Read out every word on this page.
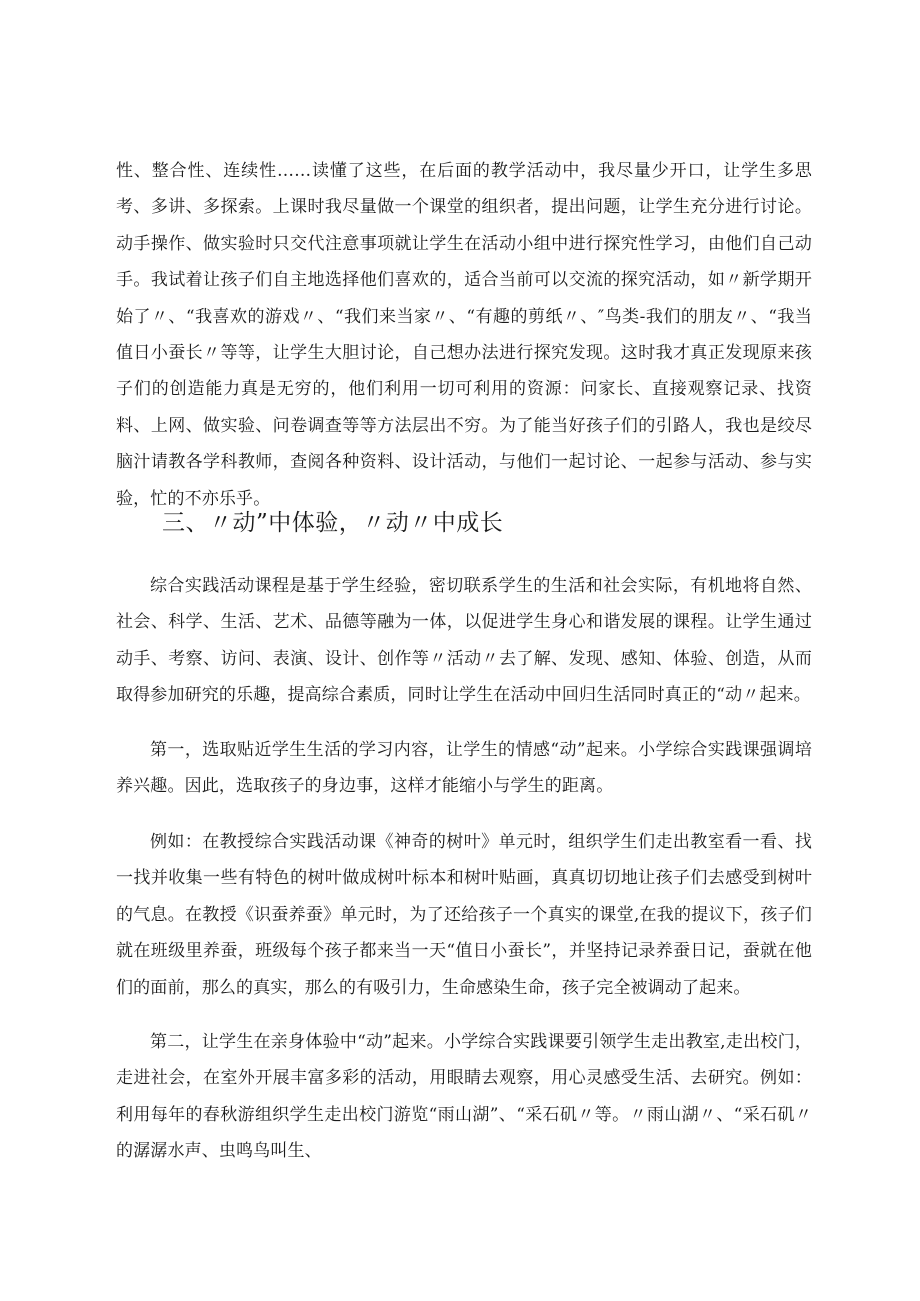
性、整合性、连续性……读懂了这些，在后面的教学活动中，我尽量少开口，让学生多思考、多讲、多探索。上课时我尽量做一个课堂的组织者，提出问题，让学生充分进行讨论。动手操作、做实验时只交代注意事项就让学生在活动小组中进行探究性学习，由他们自己动手。我试着让孩子们自主地选择他们喜欢的，适合当前可以交流的探究活动，如〃新学期开始了〃、“我喜欢的游戏〃、“我们来当家〃、“有趣的剪纸〃、″鸟类-我们的朋友〃、“我当值日小蚕长〃等等，让学生大胆讨论，自己想办法进行探究发现。这时我才真正发现原来孩子们的创造能力真是无穷的，他们利用一切可利用的资源：问家长、直接观察记录、找资料、上网、做实验、问卷调查等等方法层出不穷。为了能当好孩子们的引路人，我也是绞尽脑汁请教各学科教师，查阅各种资料、设计活动，与他们一起讨论、一起参与活动、参与实验，忙的不亦乐乎。

三、〃动”中体验，〃动〃中成长

综合实践活动课程是基于学生经验，密切联系学生的生活和社会实际，有机地将自然、社会、科学、生活、艺术、品德等融为一体，以促进学生身心和谐发展的课程。让学生通过动手、考察、访问、表演、设计、创作等〃活动〃去了解、发现、感知、体验、创造，从而取得参加研究的乐趣，提高综合素质，同时让学生在活动中回归生活同时真正的“动〃起来。

第一，选取贴近学生生活的学习内容，让学生的情感“动”起来。小学综合实践课强调培养兴趣。因此，选取孩子的身边事，这样才能缩小与学生的距离。

例如：在教授综合实践活动课《神奇的树叶》单元时，组织学生们走出教室看一看、找一找并收集一些有特色的树叶做成树叶标本和树叶贴画，真真切切地让孩子们去感受到树叶的气息。在教授《识蚕养蚕》单元时，为了还给孩子一个真实的课堂,在我的提议下，孩子们就在班级里养蚕，班级每个孩子都来当一天“值日小蚕长”，并坚持记录养蚕日记，蚕就在他们的面前，那么的真实，那么的有吸引力，生命感染生命，孩子完全被调动了起来。

第二，让学生在亲身体验中“动”起来。小学综合实践课要引领学生走出教室,走出校门，走进社会，在室外开展丰富多彩的活动，用眼睛去观察，用心灵感受生活、去研究。例如：利用每年的春秋游组织学生走出校门游览“雨山湖”、“采石矶〃等。〃雨山湖〃、“采石矶〃的潺潺水声、虫鸣鸟叫生、
